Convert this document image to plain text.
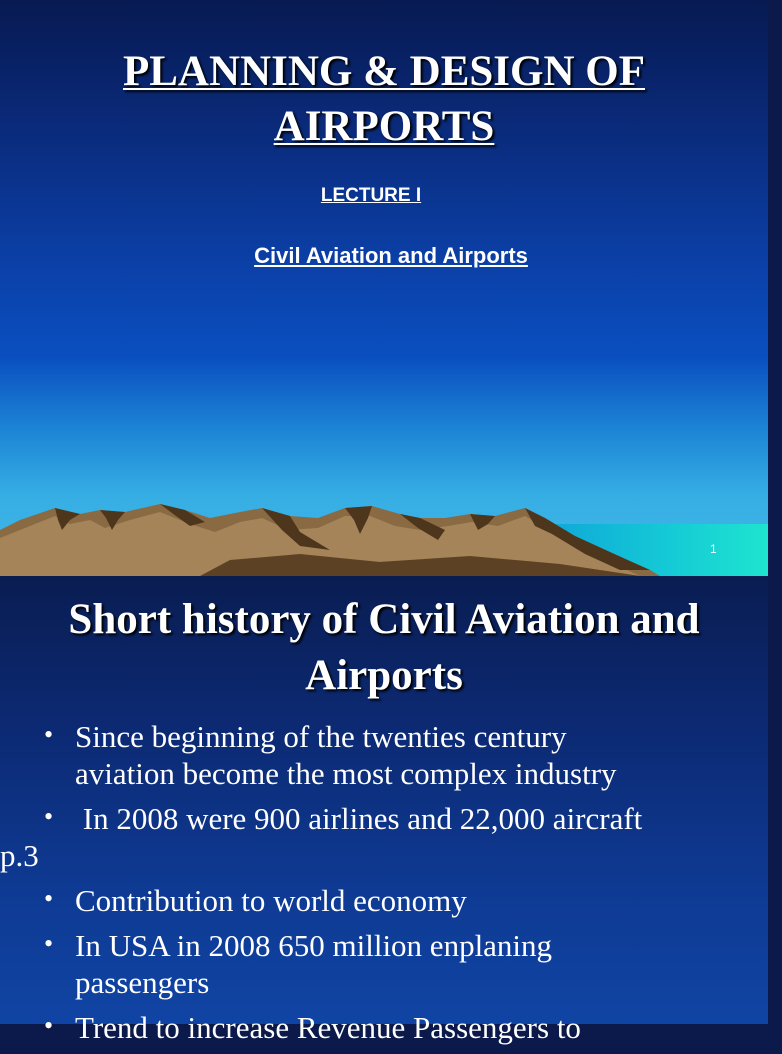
PLANNING & DESIGN OF
AIRPORTS
LECTURE I
Civil Aviation and Airports
1
Short history of Civil Aviation and
Airports
• Since beginning of the twenties century
aviation become the most complex industry
• In 2008 were 900 airlines and 22,000 aircraft
p.3
• Contribution to world economy
• In USA in 2008 650 million enplaning
passengers
• Trend to increase Revenue Passengers to
